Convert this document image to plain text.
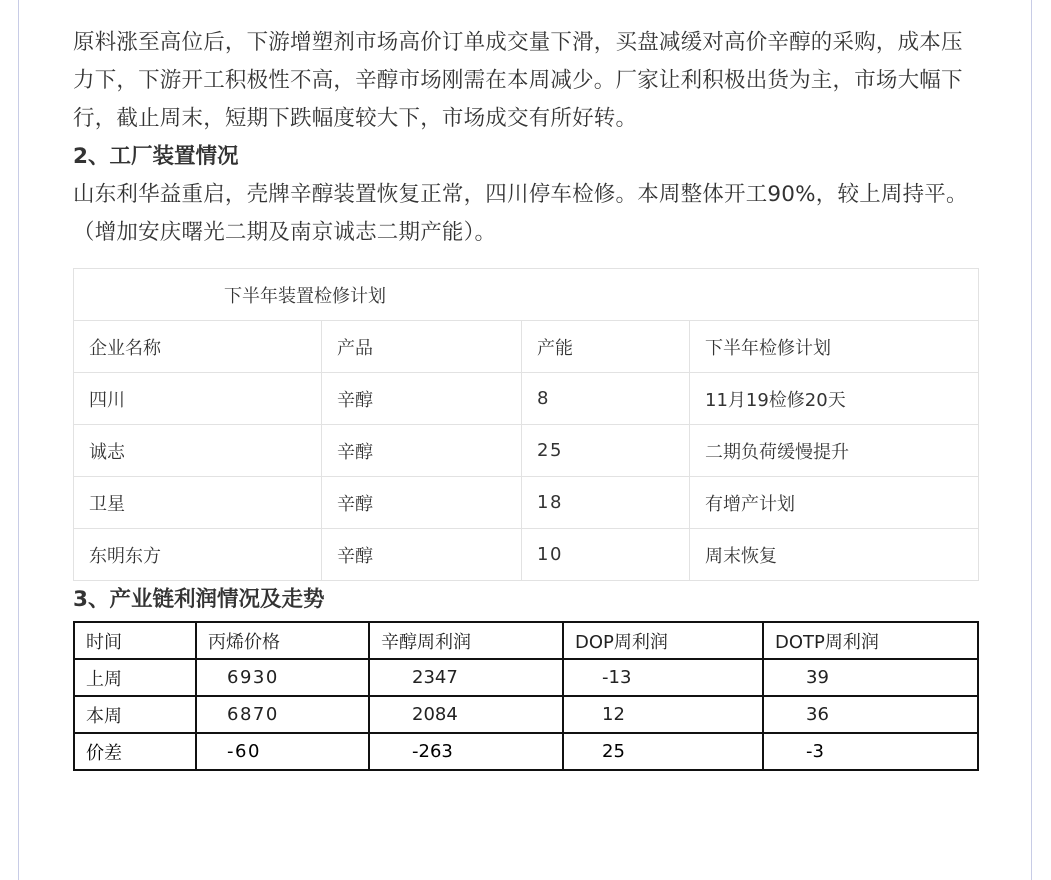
原料涨至高位后，下游增塑剂市场高价订单成交量下滑，买盘减缓对高价辛醇的采购，成本压力下，下游开工积极性不高，辛醇市场刚需在本周减少。厂家让利积极出货为主，市场大幅下行，截止周末，短期下跌幅度较大下，市场成交有所好转。

2、工厂装置情况

山东利华益重启，壳牌辛醇装置恢复正常，四川停车检修。本周整体开工90%，较上周持平。（增加安庆曙光二期及南京诚志二期产能）。

下半年装置检修计划			
企业名称	产品	产能	下半年检修计划
四川	辛醇	8	11月19检修20天
诚志	辛醇	25	二期负荷缓慢提升
卫星	辛醇	18	有增产计划
东明东方	辛醇	10	周末恢复
3、产业链利润情况及走势
时间	丙烯价格	辛醇周利润	DOP周利润	DOTP周利润
上周	6930	2347	-13	39
本周	6870	2084	12	36
价差	-60	-263	25	-3
